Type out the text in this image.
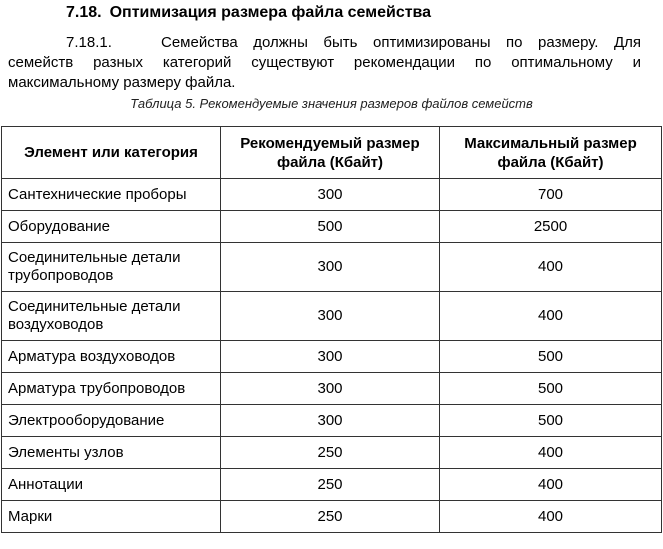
7.18. Оптимизация размера файла семейства
7.18.1.	Семейства должны быть оптимизированы по размеру. Для семейств разных категорий существуют рекомендации по оптимальному и максимальному размеру файла.
Таблица 5. Рекомендуемые значения размеров файлов семейств
Элемент или категория	Рекомендуемый размер файла (Кбайт)	Максимальный размер файла (Кбайт)
Сантехнические проборы	300	700
Оборудование	500	2500
Соединительные детали трубопроводов	300	400
Соединительные детали воздуховодов	300	400
Арматура воздуховодов	300	500
Арматура трубопроводов	300	500
Электрооборудование	300	500
Элементы узлов	250	400
Аннотации	250	400
Марки	250	400
